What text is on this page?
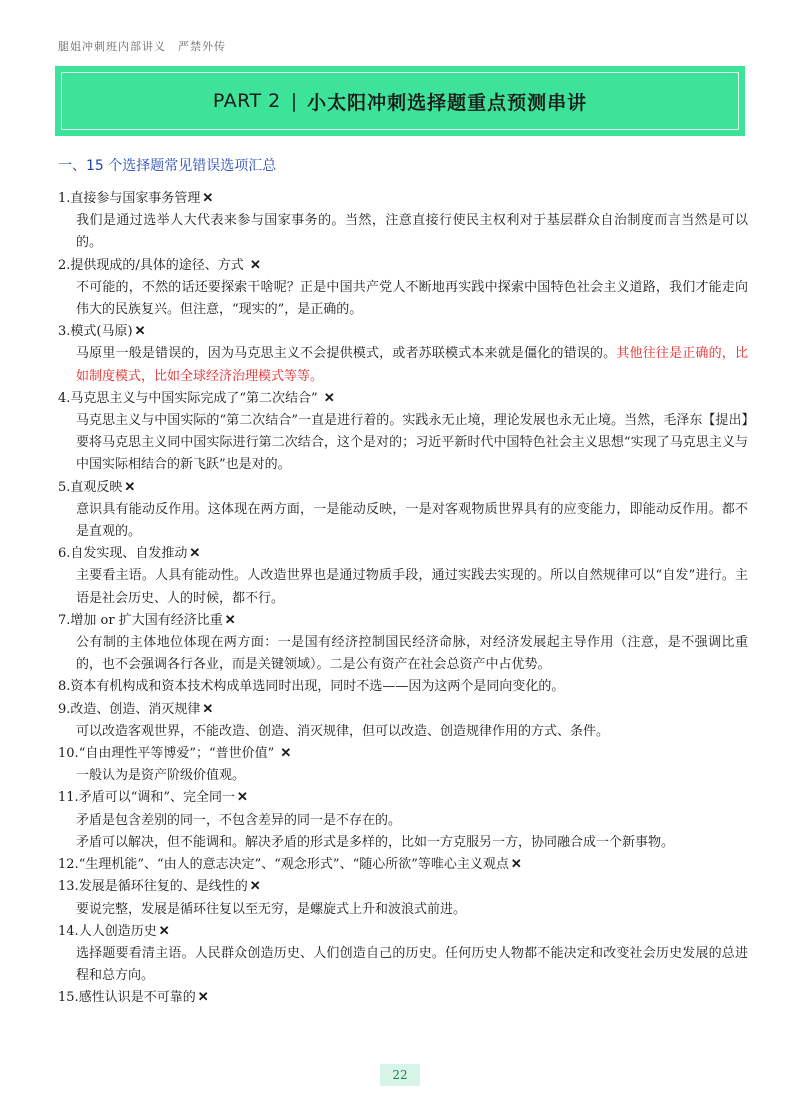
腿姐冲刺班内部讲义　严禁外传
PART 2 | 小太阳冲刺选择题重点预测串讲
一、15 个选择题常见错误选项汇总

1.直接参与国家事务管理 ✕

我们是通过选举人大代表来参与国家事务的。当然，注意直接行使民主权利对于基层群众自治制度而言当然是可以的。

2.提供现成的/具体的途径、方式 ✕

不可能的，不然的话还要探索干啥呢？正是中国共产党人不断地再实践中探索中国特色社会主义道路，我们才能走向伟大的民族复兴。但注意，“现实的”，是正确的。

3.模式(马原) ✕

马原里一般是错误的，因为马克思主义不会提供模式，或者苏联模式本来就是僵化的错误的。其他往往是正确的，比如制度模式，比如全球经济治理模式等等。

4.马克思主义与中国实际完成了“第二次结合” ✕

马克思主义与中国实际的“第二次结合”一直是进行着的。实践永无止境，理论发展也永无止境。当然，毛泽东【提出】要将马克思主义同中国实际进行第二次结合，这个是对的；习近平新时代中国特色社会主义思想“实现了马克思主义与中国实际相结合的新飞跃”也是对的。

5.直观反映 ✕

意识具有能动反作用。这体现在两方面，一是能动反映，一是对客观物质世界具有的应变能力，即能动反作用。都不是直观的。

6.自发实现、自发推动 ✕

主要看主语。人具有能动性。人改造世界也是通过物质手段，通过实践去实现的。所以自然规律可以“自发”进行。主语是社会历史、人的时候，都不行。

7.增加 or 扩大国有经济比重 ✕

公有制的主体地位体现在两方面：一是国有经济控制国民经济命脉，对经济发展起主导作用（注意，是不强调比重的，也不会强调各行各业，而是关键领域）。二是公有资产在社会总资产中占优势。

8.资本有机构成和资本技术构成单选同时出现，同时不选——因为这两个是同向变化的。

9.改造、创造、消灭规律 ✕

可以改造客观世界，不能改造、创造、消灭规律，但可以改造、创造规律作用的方式、条件。

10.“自由理性平等博爱”；“普世价值” ✕

一般认为是资产阶级价值观。

11.矛盾可以“调和”、完全同一 ✕

矛盾是包含差别的同一，不包含差异的同一是不存在的。

矛盾可以解决，但不能调和。解决矛盾的形式是多样的，比如一方克服另一方，协同融合成一个新事物。

12.“生理机能”、“由人的意志决定”、“观念形式”、“随心所欲”等唯心主义观点 ✕

13.发展是循环往复的、是线性的 ✕

要说完整，发展是循环往复以至无穷，是螺旋式上升和波浪式前进。

14.人人创造历史 ✕

选择题要看清主语。人民群众创造历史、人们创造自己的历史。任何历史人物都不能决定和改变社会历史发展的总进程和总方向。

15.感性认识是不可靠的 ✕

22
